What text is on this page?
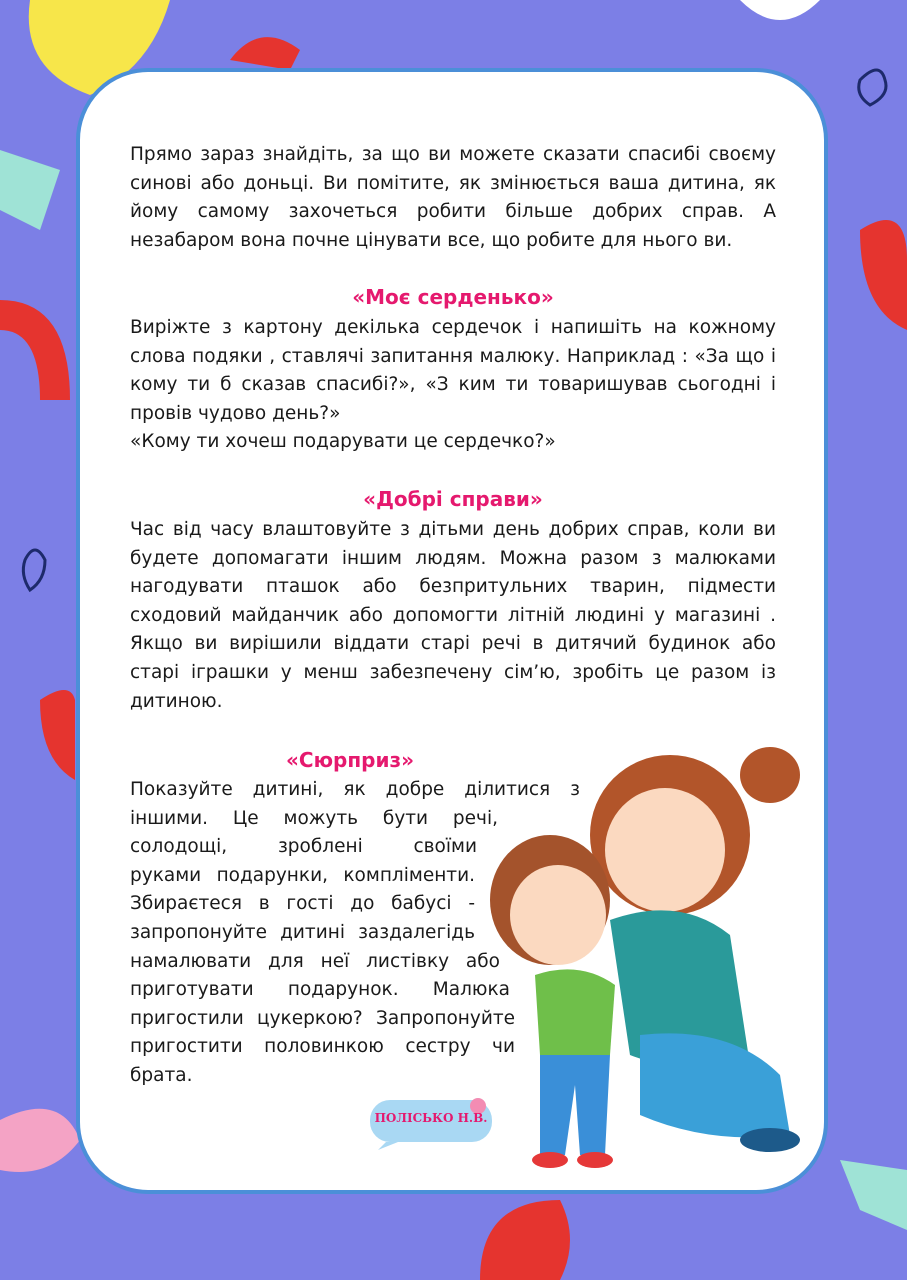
Прямо зараз знайдіть, за що ви можете сказати спасибі своєму
синові або доньці. Ви помітите, як змінюється ваша дитина, як
йому самому захочеться робити більше добрих справ. А
незабаром вона почне цінувати все, що робите для нього ви.
«Моє серденько»
Виріжте з картону декілька сердечок і напишіть на кожному
слова подяки , ставлячі запитання малюку. Наприклад : «За що і
кому ти б сказав спасибі?», «З ким ти товаришував сьогодні і
провів чудово день?»
«Кому ти хочеш подарувати це сердечко?»
«Добрі справи»
Час від часу влаштовуйте з дітьми день добрих справ, коли ви
будете допомагати іншим людям. Можна разом з малюками
нагодувати пташок або безпритульних тварин, підмести
сходовий майданчик або допомогти літній людині у магазині .
Якщо ви вирішили віддати старі речі в дитячий будинок або
старі іграшки у менш забезпечену сім’ю, зробіть це разом із
дитиною.
«Сюрприз»
Показуйте дитині, як добре ділитися з
іншими. Це можуть бути речі,
солодощі, зроблені своїми
руками подарунки, компліменти.
Збираєтеся в гості до бабусі -
запропонуйте дитині заздалегідь
намалювати для неї листівку або
приготувати подарунок. Малюка
пригостили цукеркою? Запропонуйте
пригостити половинкою сестру чи
брата.
ПОЛІСЬКО Н.В.
